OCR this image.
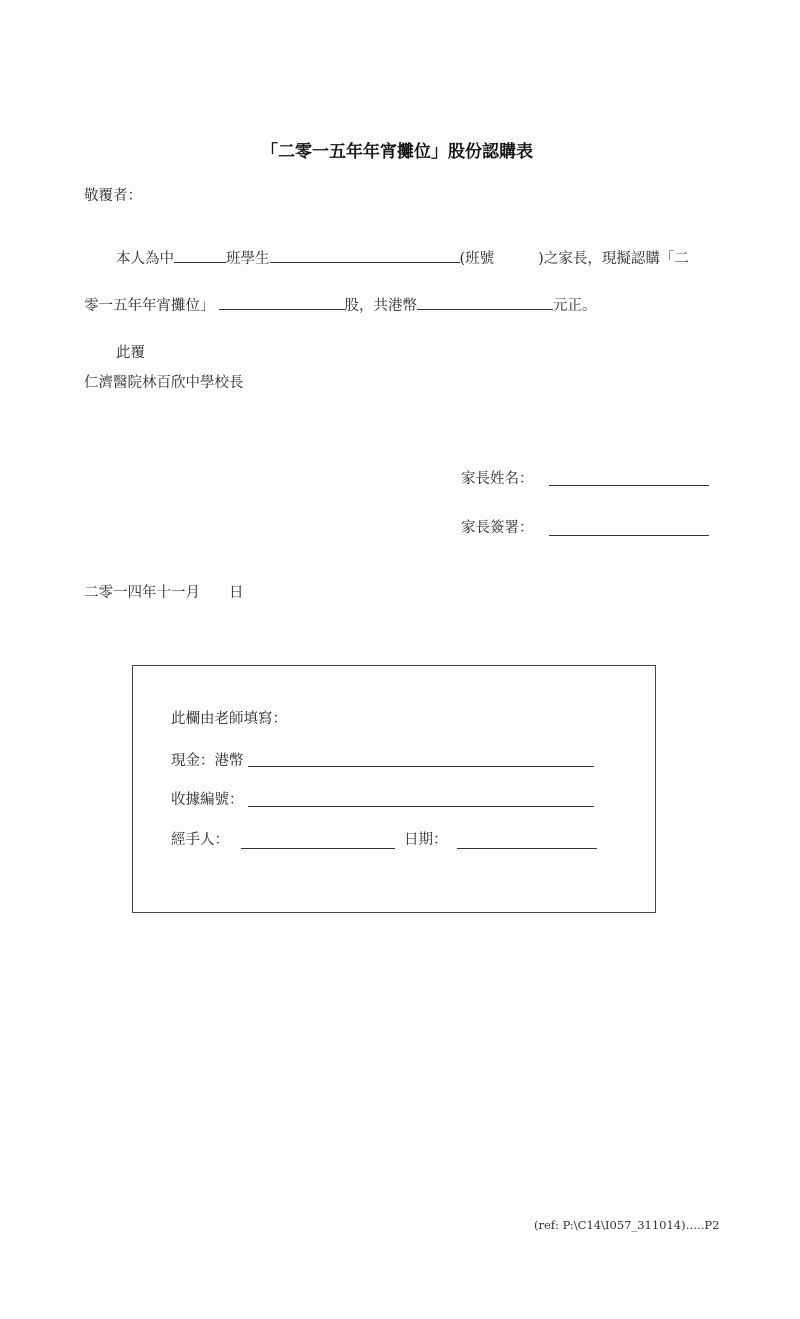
「二零一五年年宵攤位」股份認購表
敬覆者：
本人為中	班學生	(班號	)之家長，現擬認購「二
零一五年年宵攤位」	股，共港幣	元正。
此覆
仁濟醫院林百欣中學校長
家長姓名：
家長簽署：
二零一四年十一月　　日
此欄由老師填寫：
現金：港幣
收據編號：
經手人：	日期：
(ref: P:\C14\I057_311014)…..P2
